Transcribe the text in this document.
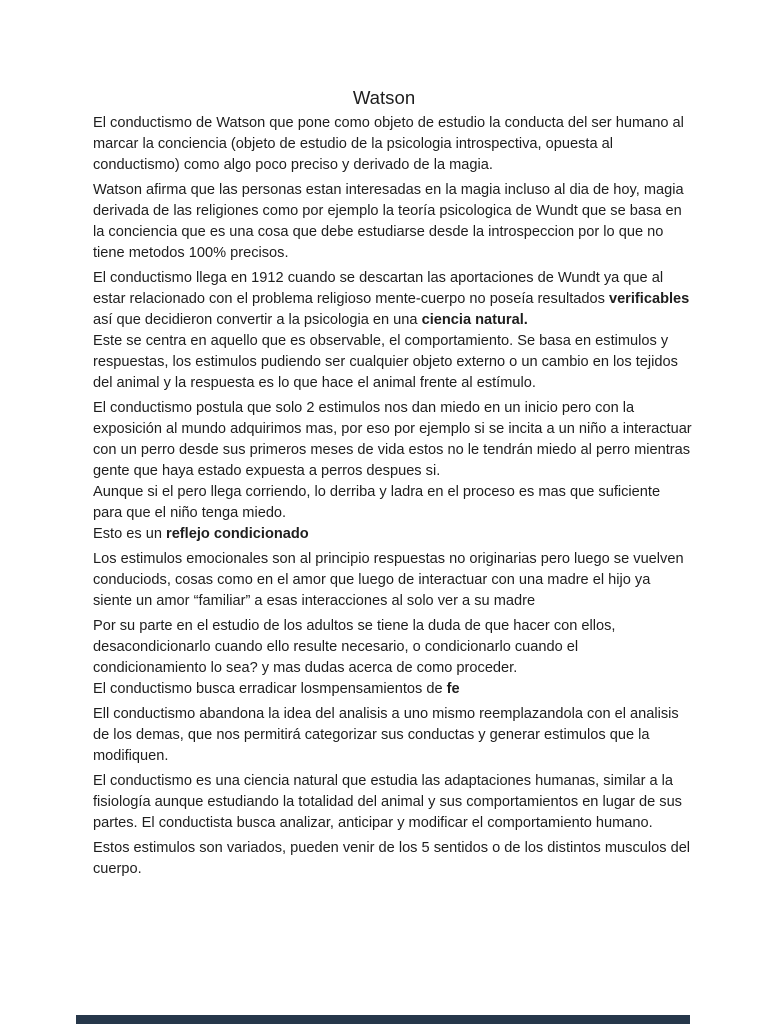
Watson

El conductismo de Watson que pone como objeto de estudio la conducta del ser humano al
marcar la conciencia (objeto de estudio de la psicologia introspectiva, opuesta al
conductismo) como algo poco preciso y derivado de la magia.

Watson afirma que las personas estan interesadas en la magia incluso al dia de hoy, magia
derivada de las religiones como por ejemplo la teoría psicologica de Wundt que se basa en
la conciencia que es una cosa que debe estudiarse desde la introspeccion por lo que no
tiene metodos 100% precisos.

El conductismo llega en 1912 cuando se descartan las aportaciones de Wundt ya que al
estar relacionado con el problema religioso mente-cuerpo no poseía resultados verificables
así que decidieron convertir a la psicologia en una ciencia natural.
Este se centra en aquello que es observable, el comportamiento. Se basa en estimulos y
respuestas, los estimulos pudiendo ser cualquier objeto externo o un cambio en los tejidos
del animal y la respuesta es lo que hace el animal frente al estímulo.

El conductismo postula que solo 2 estimulos nos dan miedo en un inicio pero con la
exposición al mundo adquirimos mas, por eso por ejemplo si se incita a un niño a interactuar
con un perro desde sus primeros meses de vida estos no le tendrán miedo al perro mientras
gente que haya estado expuesta a perros despues si.
Aunque si el pero llega corriendo, lo derriba y ladra en el proceso es mas que suficiente
para que el niño tenga miedo.
Esto es un reflejo condicionado

Los estimulos emocionales son al principio respuestas no originarias pero luego se vuelven
conduciods, cosas como en el amor que luego de interactuar con una madre el hijo ya
siente un amor “familiar” a esas interacciones al solo ver a su madre

Por su parte en el estudio de los adultos se tiene la duda de que hacer con ellos,
desacondicionarlo cuando ello resulte necesario, o condicionarlo cuando el
condicionamiento lo sea? y mas dudas acerca de como proceder.
El conductismo busca erradicar losmpensamientos de fe

Ell conductismo abandona la idea del analisis a uno mismo reemplazandola con el analisis
de los demas, que nos permitirá categorizar sus conductas y generar estimulos que la
modifiquen.

El conductismo es una ciencia natural que estudia las adaptaciones humanas, similar a la
fisiología aunque estudiando la totalidad del animal y sus comportamientos en lugar de sus
partes. El conductista busca analizar, anticipar y modificar el comportamiento humano.

Estos estimulos son variados, pueden venir de los 5 sentidos o de los distintos musculos del
cuerpo.
